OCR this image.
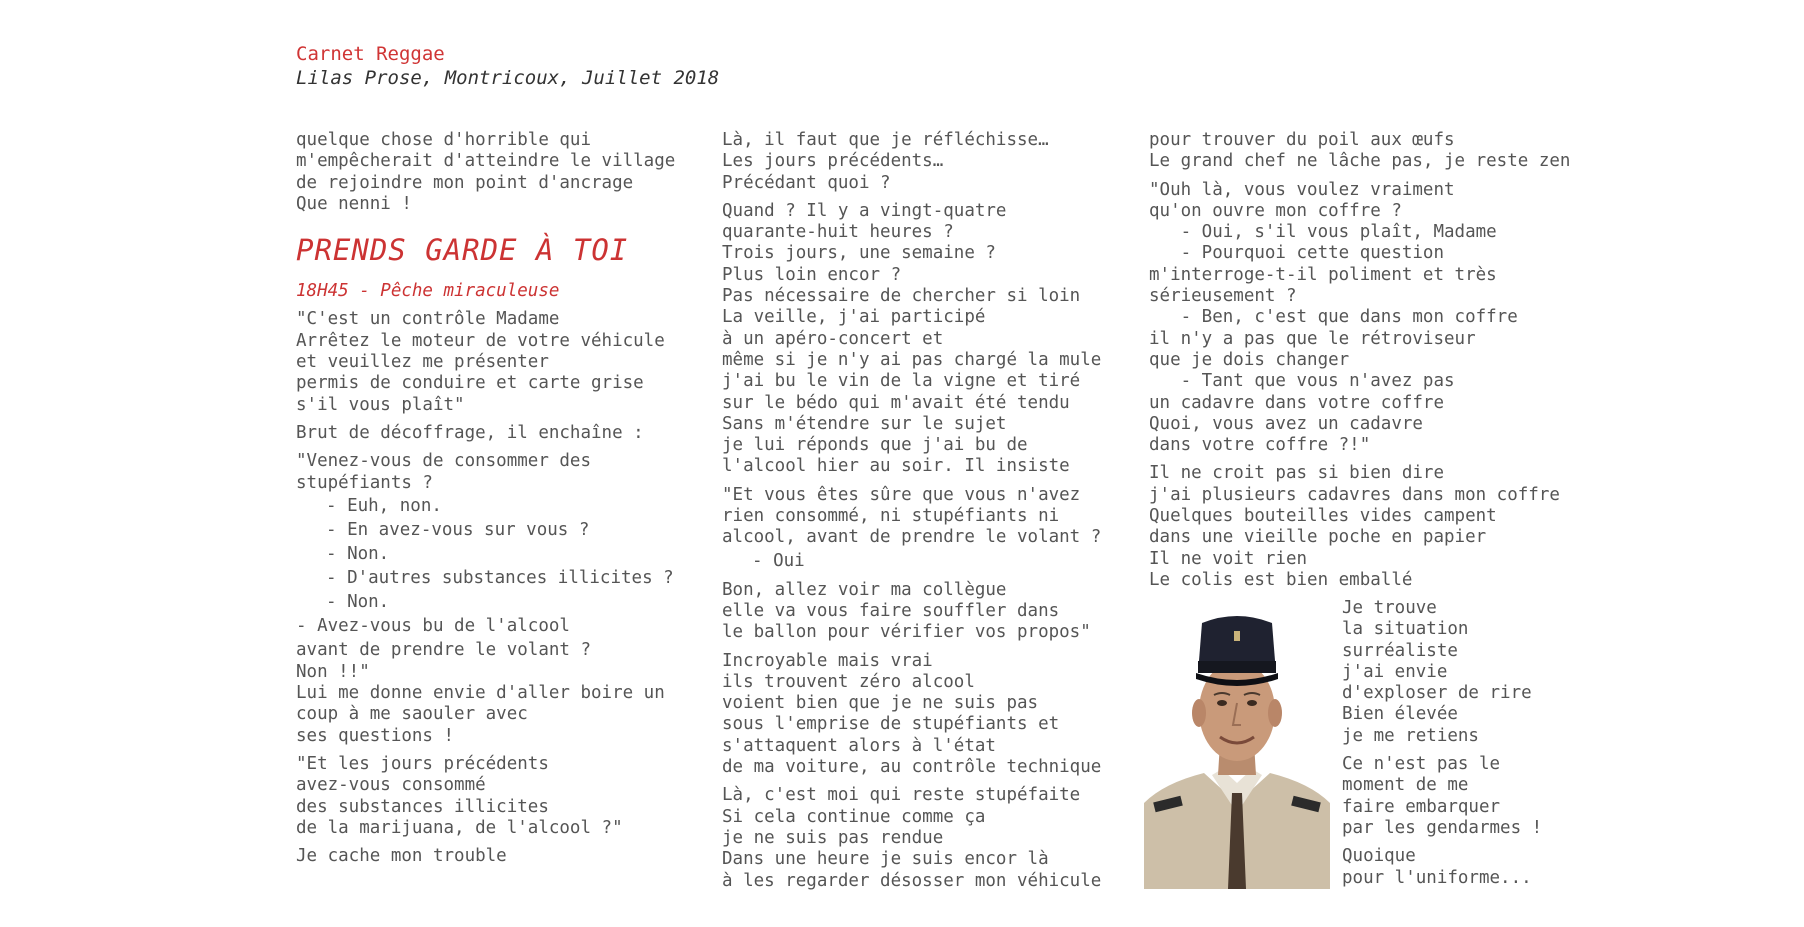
Carnet Reggae
Lilas Prose, Montricoux, Juillet 2018
quelque chose d'horrible qui
m'empêcherait d'atteindre le village
de rejoindre mon point d'ancrage
Que nenni !
PRENDS GARDE À TOI
18H45 - Pêche miraculeuse
"C'est un contrôle Madame
Arrêtez le moteur de votre véhicule
et veuillez me présenter
permis de conduire et carte grise
s'il vous plaît"
Brut de décoffrage, il enchaîne :
"Venez-vous de consommer des
stupéfiants ?
- Euh, non.
- En avez-vous sur vous ?
- Non.
- D'autres substances illicites ?
- Non.
- Avez-vous bu de l'alcool
avant de prendre le volant ?
Non !!"
Lui me donne envie d'aller boire un
coup à me saouler avec
ses questions !
"Et les jours précédents
avez-vous consommé
des substances illicites
de la marijuana, de l'alcool ?"
Je cache mon trouble
Là, il faut que je réfléchisse…
Les jours précédents…
Précédant quoi ?
Quand ? Il y a vingt-quatre
quarante-huit heures ?
Trois jours, une semaine ?
Plus loin encor ?
Pas nécessaire de chercher si loin
La veille, j'ai participé
à un apéro-concert et
même si je n'y ai pas chargé la mule
j'ai bu le vin de la vigne et tiré
sur le bédo qui m'avait été tendu
Sans m'étendre sur le sujet
je lui réponds que j'ai bu de
l'alcool hier au soir. Il insiste
"Et vous êtes sûre que vous n'avez
rien consommé, ni stupéfiants ni
alcool, avant de prendre le volant ?
- Oui
Bon, allez voir ma collègue
elle va vous faire souffler dans
le ballon pour vérifier vos propos"
Incroyable mais vrai
ils trouvent zéro alcool
voient bien que je ne suis pas
sous l'emprise de stupéfiants et
s'attaquent alors à l'état
de ma voiture, au contrôle technique
Là, c'est moi qui reste stupéfaite
Si cela continue comme ça
je ne suis pas rendue
Dans une heure je suis encor là
à les regarder désosser mon véhicule
pour trouver du poil aux œufs
Le grand chef ne lâche pas, je reste zen
"Ouh là, vous voulez vraiment
qu'on ouvre mon coffre ?
- Oui, s'il vous plaît, Madame
- Pourquoi cette question
m'interroge-t-il poliment et très
sérieusement ?
- Ben, c'est que dans mon coffre
il n'y a pas que le rétroviseur
que je dois changer
- Tant que vous n'avez pas
un cadavre dans votre coffre
Quoi, vous avez un cadavre
dans votre coffre ?!"
Il ne croit pas si bien dire
j'ai plusieurs cadavres dans mon coffre
Quelques bouteilles vides campent
dans une vieille poche en papier
Il ne voit rien
Le colis est bien emballé
Je trouve
la situation
surréaliste
j'ai envie
d'exploser de rire
Bien élevée
je me retiens
Ce n'est pas le
moment de me
faire embarquer
par les gendarmes !
Quoique
pour l'uniforme...
